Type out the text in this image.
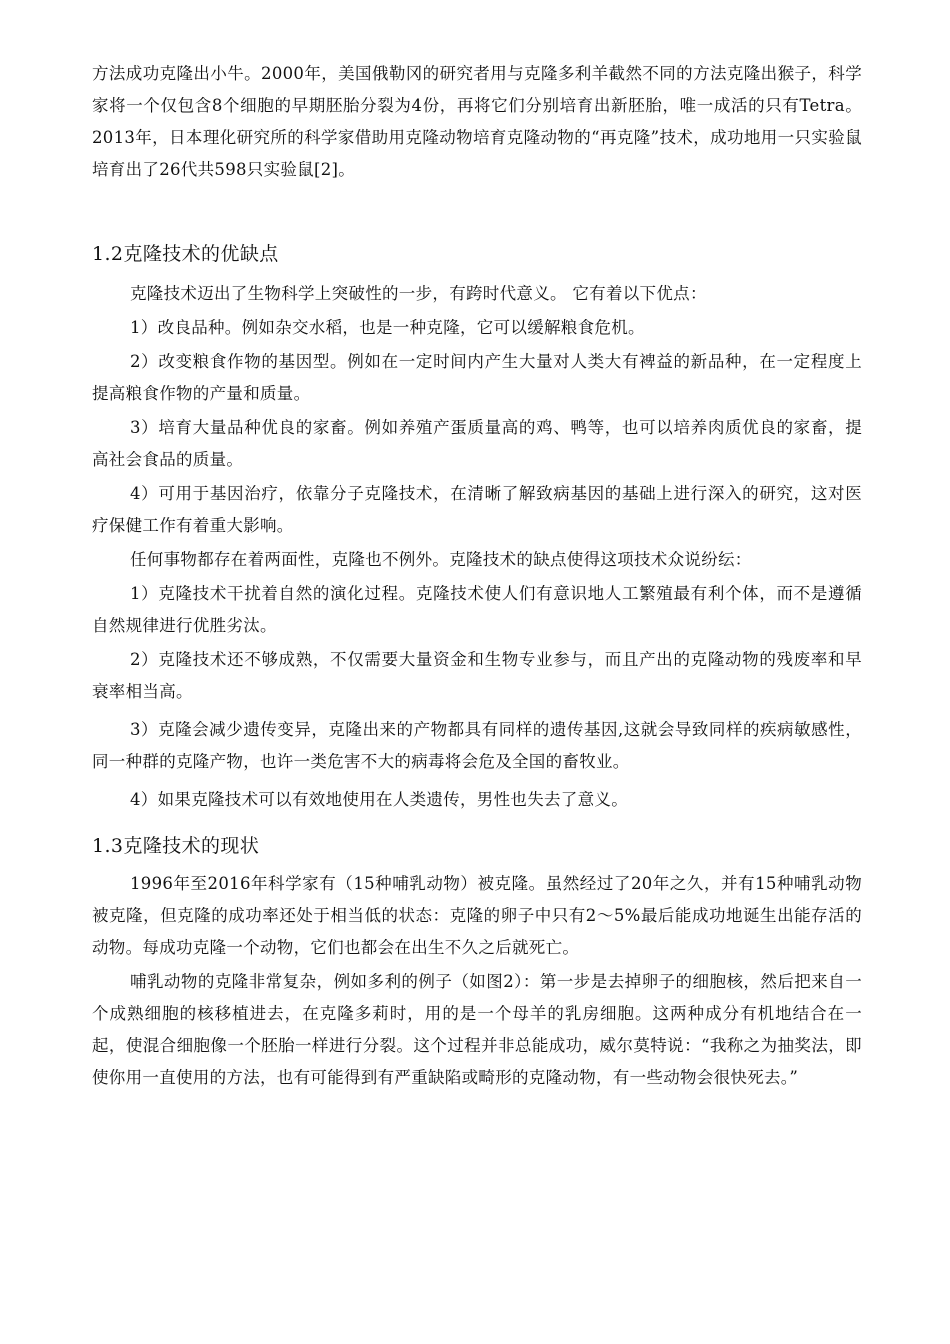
方法成功克隆出小牛。2000年，美国俄勒冈的研究者用与克隆多利羊截然不同的方法克隆出猴子，科学家将一个仅包含8个细胞的早期胚胎分裂为4份，再将它们分别培育出新胚胎，唯一成活的只有Tetra。2013年，日本理化研究所的科学家借助用克隆动物培育克隆动物的“再克隆”技术，成功地用一只实验鼠培育出了26代共598只实验鼠[2]。

1.2克隆技术的优缺点

克隆技术迈出了生物科学上突破性的一步，有跨时代意义。 它有着以下优点：

1）改良品种。例如杂交水稻，也是一种克隆，它可以缓解粮食危机。

2）改变粮食作物的基因型。例如在一定时间内产生大量对人类大有裨益的新品种，在一定程度上提高粮食作物的产量和质量。

3）培育大量品种优良的家畜。例如养殖产蛋质量高的鸡、鸭等，也可以培养肉质优良的家畜，提高社会食品的质量。

4）可用于基因治疗，依靠分子克隆技术，在清晰了解致病基因的基础上进行深入的研究，这对医疗保健工作有着重大影响。

任何事物都存在着两面性，克隆也不例外。克隆技术的缺点使得这项技术众说纷纭：

1）克隆技术干扰着自然的演化过程。克隆技术使人们有意识地人工繁殖最有利个体，而不是遵循自然规律进行优胜劣汰。

2）克隆技术还不够成熟，不仅需要大量资金和生物专业参与，而且产出的克隆动物的残废率和早衰率相当高。

3）克隆会减少遗传变异，克隆出来的产物都具有同样的遗传基因,这就会导致同样的疾病敏感性，同一种群的克隆产物，也许一类危害不大的病毒将会危及全国的畜牧业。

4）如果克隆技术可以有效地使用在人类遗传，男性也失去了意义。

1.3克隆技术的现状

1996年至2016年科学家有（15种哺乳动物）被克隆。虽然经过了20年之久，并有15种哺乳动物被克隆，但克隆的成功率还处于相当低的状态：克隆的卵子中只有2～5%最后能成功地诞生出能存活的动物。每成功克隆一个动物，它们也都会在出生不久之后就死亡。

哺乳动物的克隆非常复杂，例如多利的例子（如图2）：第一步是去掉卵子的细胞核，然后把来自一个成熟细胞的核移植进去，在克隆多莉时，用的是一个母羊的乳房细胞。这两种成分有机地结合在一起，使混合细胞像一个胚胎一样进行分裂。这个过程并非总能成功，威尔莫特说：“我称之为抽奖法，即使你用一直使用的方法，也有可能得到有严重缺陷或畸形的克隆动物，有一些动物会很快死去。”
